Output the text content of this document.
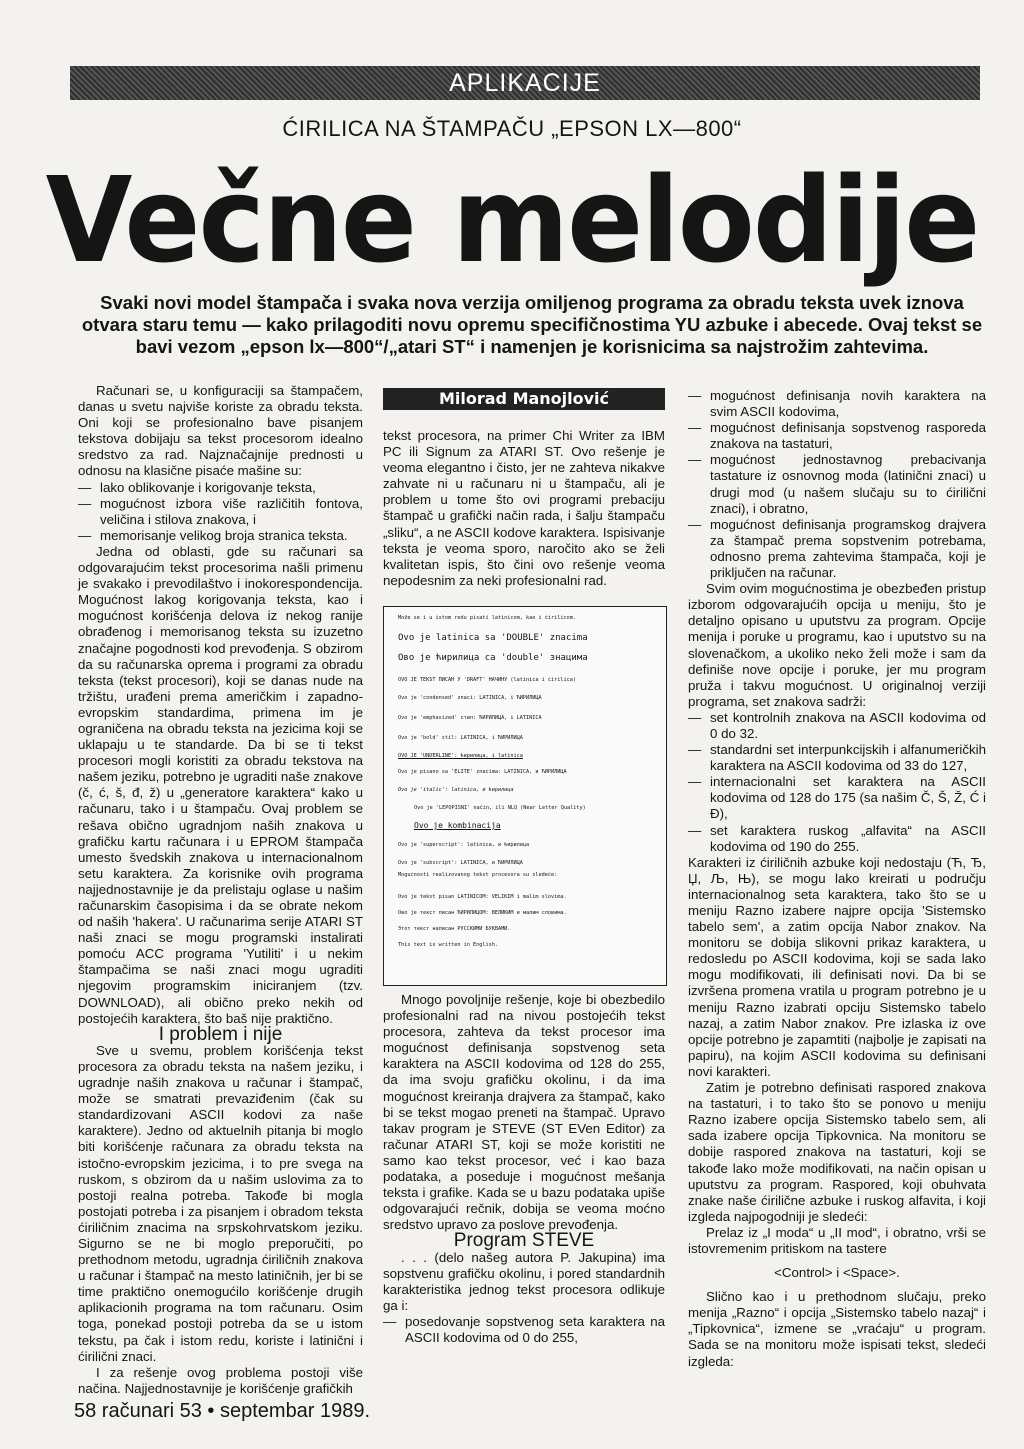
APLIKACIJE
ĆIRILICA NA ŠTAMPAČU „EPSON LX—800“
Večne melodije
Svaki novi model štampača i svaka nova verzija omiljenog programa za obradu teksta uvek iznova otvara staru temu — kako prilagoditi novu opremu specifičnostima YU azbuke i abecede. Ovaj tekst se bavi vezom „epson lx—800“/„atari ST“ i namenjen je korisnicima sa najstrožim zahtevima.

Računari se, u konfiguraciji sa štampačem, danas u svetu najviše koriste za obradu teksta. Oni koji se profesionalno bave pisanjem tekstova dobijaju sa tekst procesorom idealno sredstvo za rad. Najznačajnije prednosti u odnosu na klasične pisaće mašine su:

— lako oblikovanje i korigovanje teksta,
— mogućnost izbora više različitih fontova, veličina i stilova znakova, i
— memorisanje velikog broja stranica teksta.

Jedna od oblasti, gde su računari sa odgovarajućim tekst procesorima našli primenu je svakako i prevodilaštvo i inokorespondencija. Mogućnost lakog korigovanja teksta, kao i mogućnost korišćenja delova iz nekog ranije obrađenog i memorisanog teksta su izuzetno značajne pogodnosti kod prevođenja. S obzirom da su računarska oprema i programi za obradu teksta (tekst procesori), koji se danas nude na tržištu, urađeni prema američkim i zapadno-evropskim standardima, primena im je ograničena na obradu teksta na jezicima koji se uklapaju u te standarde. Da bi se ti tekst procesori mogli koristiti za obradu tekstova na našem jeziku, potrebno je ugraditi naše znakove (č, ć, š, đ, ž) u „generatore karaktera“ kako u računaru, tako i u štampaču. Ovaj problem se rešava obično ugradnjom naših znakova u grafičku kartu računara i u EPROM štampača umesto švedskih znakova u internacionalnom setu karaktera. Za korisnike ovih programa najjednostavnije je da prelistaju oglase u našim računarskim časopisima i da se obrate nekom od naših 'hakera'. U računarima serije ATARI ST naši znaci se mogu programski instalirati pomoću ACC programa 'Yutiliti' i u nekim štampačima se naši znaci mogu ugraditi njegovim programskim iniciranjem (tzv. DOWNLOAD), ali obično preko nekih od postojećih karaktera, što baš nije praktično.

I problem i nije

Sve u svemu, problem korišćenja tekst procesora za obradu teksta na našem jeziku, i ugradnje naših znakova u računar i štampač, može se smatrati prevaziđenim (čak su standardizovani ASCII kodovi za naše karaktere). Jedno od aktuelnih pitanja bi moglo biti korišćenje računara za obradu teksta na istočno-evropskim jezicima, i to pre svega na ruskom, s obzirom da u našim uslovima za to postoji realna potreba. Takođe bi mogla postojati potreba i za pisanjem i obradom teksta ćiriličnim znacima na srpskohrvatskom jeziku. Sigurno se ne bi moglo preporučiti, po prethodnom metodu, ugradnja ćiriličnih znakova u računar i štampač na mesto latiničnih, jer bi se time praktično onemogućilo korišćenje drugih aplikacionih programa na tom računaru. Osim toga, ponekad postoji potreba da se u istom tekstu, pa čak i istom redu, koriste i latinični i ćirilični znaci.

I za rešenje ovog problema postoji više načina. Najjednostavnije je korišćenje grafičkih

Milorad Manojlović

tekst procesora, na primer Chi Writer za IBM PC ili Signum za ATARI ST. Ovo rešenje je veoma elegantno i čisto, jer ne zahteva nikakve zahvate ni u računaru ni u štampaču, ali je problem u tome što ovi programi prebaciju štampač u grafički način rada, i šalju štampaču „sliku“, a ne ASCII kodove karaktera. Ispisivanje teksta je veoma sporo, naročito ako se želi kvalitetan ispis, što čini ovo rešenje veoma nepodesnim za neki profesionalni rad.

Može se i u istom redu pisati latinicom, kao i ćirilicom.
Ovo je latinica sa 'DOUBLE' znacima
Ово је ћирилица са 'double' знацима
OVO JE TEKST ПИСАН У 'DRAFT' НАЧИНУ (latinica i ćirilica)
Ovo je 'condensed' znaci: LATINICA, i ЋИРИЛИЦА
Ovo je 'emphasized' стил: ЋИРИЛИЦА, i LATINICA
Ovo je 'bold' stil: LATINICA, i ЋИРИЛИЦА
OVO JE 'UNDERLINE': ћирилица, i latinica
Ovo je pisano sa 'ELITE' znacima: LATINICA, и ЋИРИЛИЦА
Ovo je 'italic': latinica, и ћирилица
Ovo je 'LEPOPISNI' način, ili NLQ (Near Letter Quality)
Ovo je kombinacija
Ovo je 'superscript': latinica, и ћирилица
Ovo je 'subscript': LATINICA, и ЋИРИЛИЦА
Mogućnosti realizovanog tekst procesora su sledeće:
Ovo je tekst pisan LATINICOM: VELIKIM i malim slovima.
Ово је текст писан ЋИРИЛИЦОМ: ВЕЛИКИМ и малим словима.
Этот текст написан РУССКИМИ БУКВАМИ.
This text is written in English.

Mnogo povoljnije rešenje, koje bi obezbedilo profesionalni rad na nivou postojećih tekst procesora, zahteva da tekst procesor ima mogućnost definisanja sopstvenog seta karaktera na ASCII kodovima od 128 do 255, da ima svoju grafičku okolinu, i da ima mogućnost kreiranja drajvera za štampač, kako bi se tekst mogao preneti na štampač. Upravo takav program je STEVE (ST EVen Editor) za računar ATARI ST, koji se može koristiti ne samo kao tekst procesor, već i kao baza podataka, a poseduje i mogućnost mešanja teksta i grafike. Kada se u bazu podataka upiše odgovarajući rečnik, dobija se veoma moćno sredstvo upravo za poslove prevođenja.

Program STEVE

. . . (delo našeg autora P. Jakupina) ima sopstvenu grafičku okolinu, i pored standardnih karakteristika jednog tekst procesora odlikuje ga i:

— posedovanje sopstvenog seta karaktera na ASCII kodovima od 0 do 255,
— mogućnost definisanja novih karaktera na svim ASCII kodovima,
— mogućnost definisanja sopstvenog rasporeda znakova na tastaturi,
— mogućnost jednostavnog prebacivanja tastature iz osnovnog moda (latinični znaci) u drugi mod (u našem slučaju su to ćirilični znaci), i obratno,
— mogućnost definisanja programskog drajvera za štampač prema sopstvenim potrebama, odnosno prema zahtevima štampača, koji je priključen na računar.

Svim ovim mogućnostima je obezbeđen pristup izborom odgovarajućih opcija u meniju, što je detaljno opisano u uputstvu za program. Opcije menija i poruke u programu, kao i uputstvo su na slovenačkom, a ukoliko neko želi može i sam da definiše nove opcije i poruke, jer mu program pruža i takvu mogućnost. U originalnoj verziji programa, set znakova sadrži:

— set kontrolnih znakova na ASCII kodovima od 0 do 32.
— standardni set interpunkcijskih i alfanumeričkih karaktera na ASCII kodovima od 33 do 127,
— internacionalni set karaktera na ASCII kodovima od 128 do 175 (sa našim Č, Š, Ž, Ć i Đ),
— set karaktera ruskog „alfavita“ na ASCII kodovima od 190 do 255.

Karakteri iz ćiriličnih azbuke koji nedostaju (Ћ, Ђ, Џ, Љ, Њ), se mogu lako kreirati u području internacionalnog seta karaktera, tako što se u meniju Razno izabere najpre opcija 'Sistemsko tabelo sem', a zatim opcija Nabor znakov. Na monitoru se dobija slikovni prikaz karaktera, u redosledu po ASCII kodovima, koji se sada lako mogu modifikovati, ili definisati novi. Da bi se izvršena promena vratila u program potrebno je u meniju Razno izabrati opciju Sistemsko tabelo nazaj, a zatim Nabor znakov. Pre izlaska iz ove opcije potrebno je zapamtiti (najbolje je zapisati na papiru), na kojim ASCII kodovima su definisani novi karakteri.

Zatim je potrebno definisati raspored znakova na tastaturi, i to tako što se ponovo u meniju Razno izabere opcija Sistemsko tabelo sem, ali sada izabere opcija Tipkovnica. Na monitoru se dobije raspored znakova na tastaturi, koji se takođe lako može modifikovati, na način opisan u uputstvu za program. Raspored, koji obuhvata znake naše ćiriličnе azbuke i ruskog alfavita, i koji izgleda najpogodniji je sledeći:

Prelaz iz „I moda“ u „II mod“, i obratno, vrši se istovremenim pritiskom na tastere

<Control> i <Space>.

Slično kao i u prethodnom slučaju, preko menija „Razno“ i opcija „Sistemsko tabelo nazaj“ i „Tipkovnica“, izmene se „vraćaju“ u program. Sada se na monitoru može ispisati tekst, sledeći izgleda:

58 računari 53 • septembar 1989.
